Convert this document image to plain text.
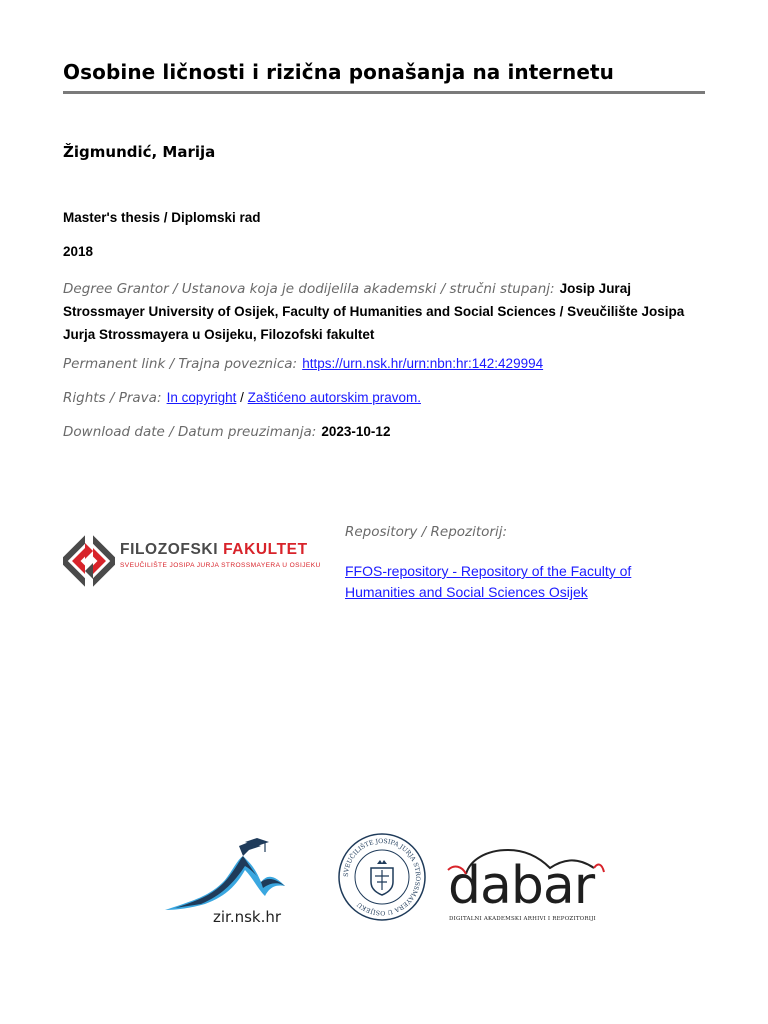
Osobine ličnosti i rizična ponašanja na internetu
Žigmundić, Marija
Master's thesis / Diplomski rad
2018
Degree Grantor / Ustanova koja je dodijelila akademski / stručni stupanj: Josip Juraj Strossmayer University of Osijek, Faculty of Humanities and Social Sciences / Sveučilište Josipa Jurja Strossmayera u Osijeku, Filozofski fakultet
Permanent link / Trajna poveznica: https://urn.nsk.hr/urn:nbn:hr:142:429994
Rights / Prava: In copyright / Zaštićeno autorskim pravom.
Download date / Datum preuzimanja: 2023-10-12
FILOZOFSKI FAKULTET
SVEUČILIŠTE JOSIPA JURJA STROSSMAYERA U OSIJEKU
Repository / Repozitorij:
FFOS-repository - Repository of the Faculty of Humanities and Social Sciences Osijek
zir.nsk.hr
SVEUČILIŠTE JOSIPA JURJA STROSSMAYERA U OSIJEKU	dabar
DIGITALNI AKADEMSKI ARHIVI I REPOZITORIJI
